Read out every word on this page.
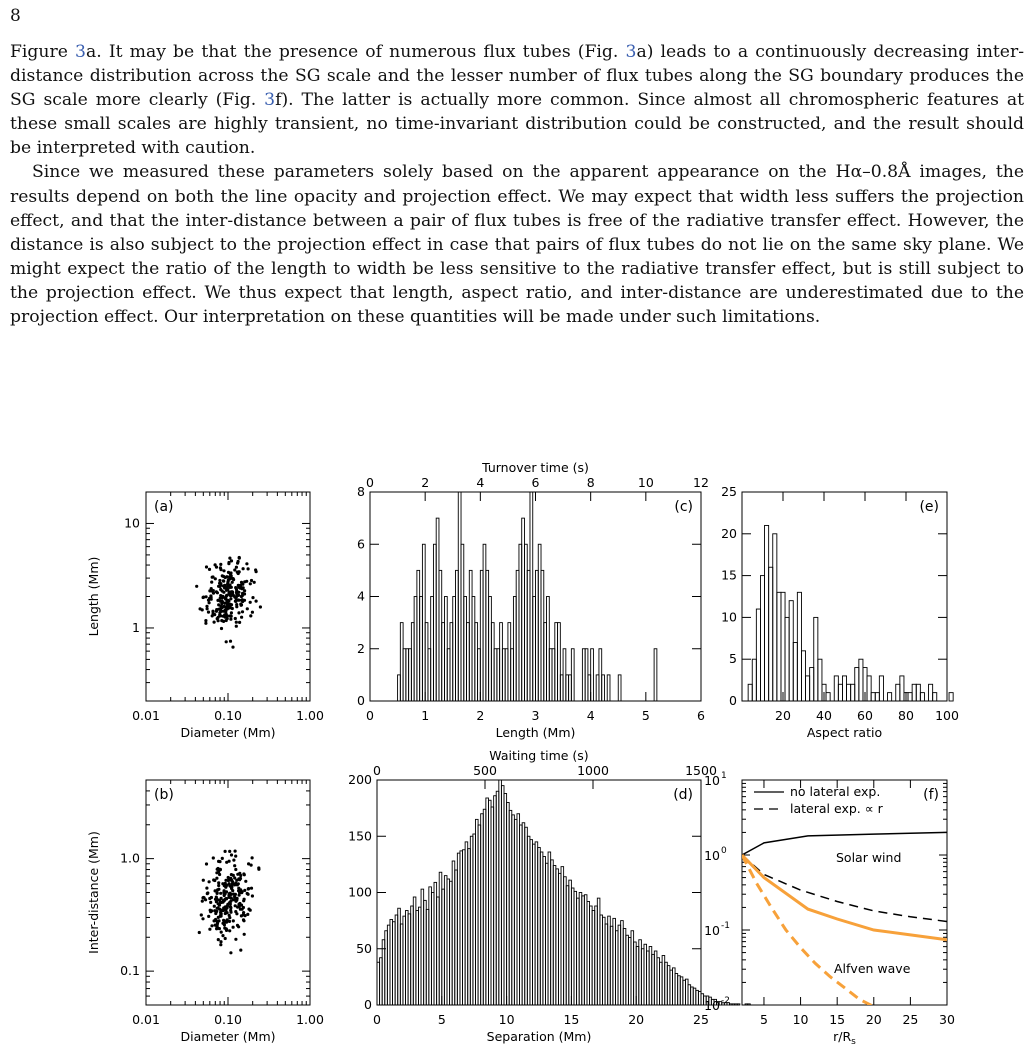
8

Figure 3a. It may be that the presence of numerous flux tubes (Fig. 3a) leads to a continuously decreasing inter-distance distribution across the SG scale and the lesser number of flux tubes along the SG boundary produces the SG scale more clearly (Fig. 3f). The latter is actually more common. Since almost all chromospheric features at these small scales are highly transient, no time-invariant distribution could be constructed, and the result should be interpreted with caution.

Since we measured these parameters solely based on the apparent appearance on the Hα–0.8Å images, the results depend on both the line opacity and projection effect. We may expect that width less suffers the projection effect, and that the inter-distance between a pair of flux tubes is free of the radiative transfer effect. However, the distance is also subject to the projection effect in case that pairs of flux tubes do not lie on the same sky plane. We might expect the ratio of the length to width be less sensitive to the radiative transfer effect, but is still subject to the projection effect. We thus expect that length, aspect ratio, and inter-distance are underestimated due to the projection effect. Our interpretation on these quantities will be made under such limitations.

(a)
0.01	0.10	1.00
1
10
Diameter (Mm)
Length (Mm)
(b)
0.01	0.10	1.00
0.1
1.0
Diameter (Mm)
Inter-distance (Mm)
(c)
0	1	2	3	4	5	6
0
2
4
6
8
Length (Mm)
0	2	4	6	8	10	12
Turnover time (s)
(e)
20 40 60 80 100
0
5
10
15
20
25
Aspect ratio
(d)
0	5	10	15	20	25
0
50
100
150
200
Separation (Mm)
0	500	1000	1500
Waiting time (s)
(f)
5 10 15 20 25 30
10 1
10 0
10 -1
10 -2
$r/R_s$
no lateral exp.
lateral exp. ∝ r
Solar wind
Alfven wave
